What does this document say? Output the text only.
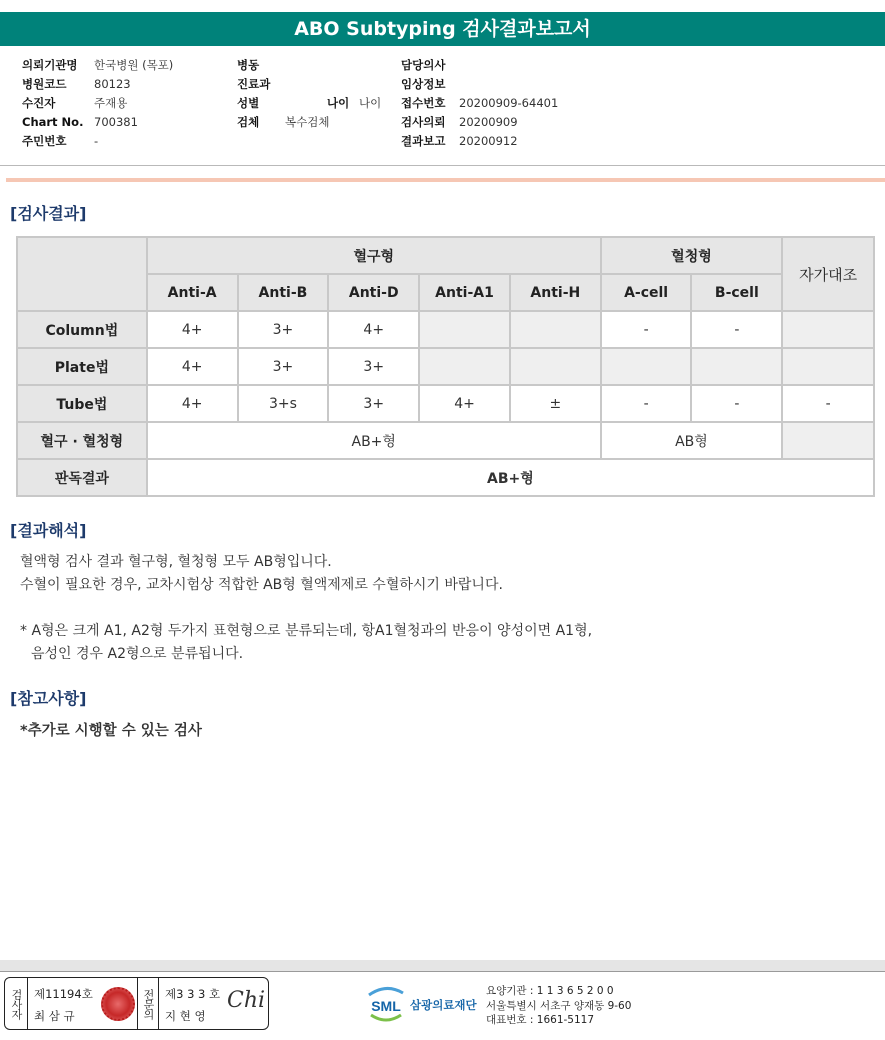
ABO Subtyping 검사결과보고서
의뢰기관명 한국병원 (목포)
병원코드 80123
수진자	주재용
Chart No. 700381
주민번호 -
병동
진료과
성별	나이 나이
검체 복수검체
담당의사
임상정보
접수번호 20200909-64401
검사의뢰 20200909
결과보고 20200912
[검사결과]
	혈구형					혈청형		자가대조
	Anti-A	Anti-B	Anti-D	Anti-A1	Anti-H	A-cell	B-cell	
Column법	4+	3+	4+			-	-	
Plate법	4+	3+	3+					
Tube법	4+	3+s	3+	4+	±	-	-	-
혈구 · 혈청형	AB+형					AB형		
판독결과	AB+형							
[결과해석]
혈액형 검사 결과 혈구형, 혈청형 모두 AB형입니다.
수혈이 필요한 경우, 교차시험상 적합한 AB형 혈액제제로 수혈하시기 바랍니다.
* A형은 크게 A1, A2형 두가지 표현형으로 분류되는데, 항A1혈청과의 반응이 양성이면 A1형,
음성인 경우 A2형으로 분류됩니다.
[참고사항]
*추가로 시행할 수 있는 검사
검사자 제11194호
최 삼 규	전문의 제3 3 3 호
지 현 영
Chi	SML 삼광의료재단
요양기관 : 1 1 3 6 5 2 0 0
서울특별시 서초구 양재동 9-60
대표번호 : 1661-5117
